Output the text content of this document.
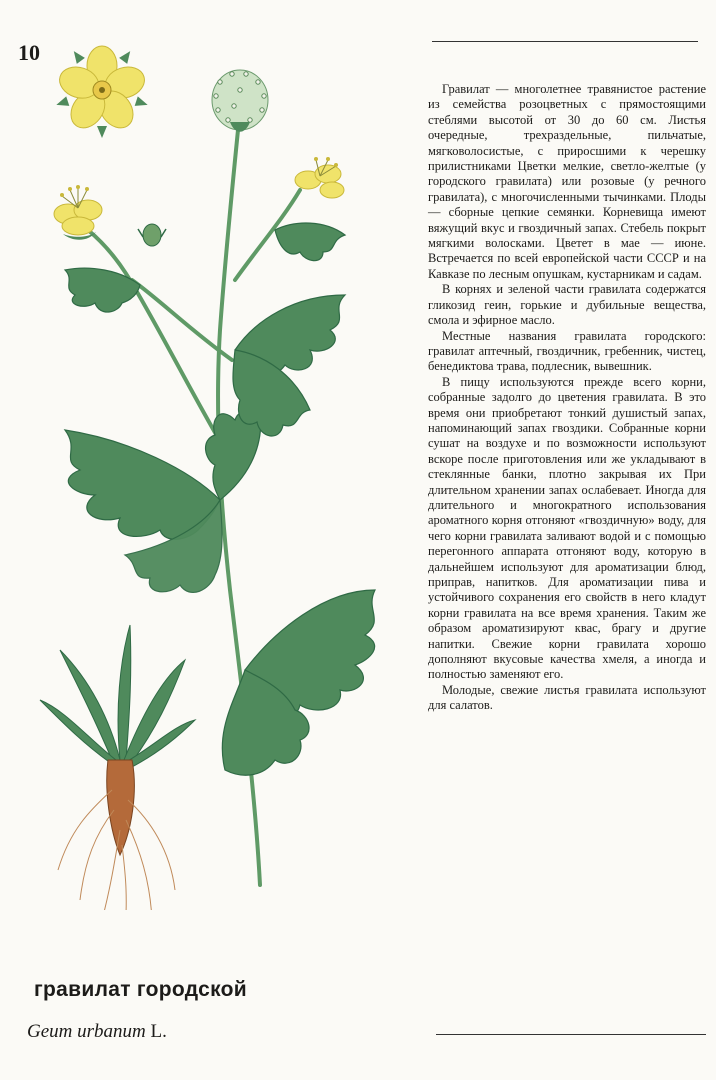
10
гравилат городской
Geum urbanum L.

Гравилат — многолетнее травянистое растение из семейства розоцветных с прямостоящими стеблями высотой от 30 до 60 см. Листья очередные, трехраздельные, пильчатые, мягковолосистые, с приросшими к черешку прилистниками Цветки мелкие, светло-желтые (у городского гравилата) или розовые (у речного гравилата), с многочисленными тычинками. Плоды — сборные цепкие семянки. Корневища имеют вяжущий вкус и гвоздичный запах. Стебель покрыт мягкими волосками. Цветет в мае — июне. Встречается по всей европейской части СССР и на Кавказе по лесным опушкам, кустарникам и садам.

В корнях и зеленой части гравилата содержатся гликозид геин, горькие и дубильные вещества, смола и эфирное масло.

Местные названия гравилата городского: гравилат аптечный, гвоздичник, гребенник, чистец, бенедиктова трава, подлесник, вывешник.

В пищу используются прежде всего корни, собранные задолго до цветения гравилата. В это время они приобретают тонкий душистый запах, напоминающий запах гвоздики. Собранные корни сушат на воздухе и по возможности используют вскоре после приготовления или же укладывают в стеклянные банки, плотно закрывая их При длительном хранении запах ослабевает. Иногда для длительного и многократного использования ароматного корня отгоняют «гвоздичную» воду, для чего корни гравилата заливают водой и с помощью перегонного аппарата отгоняют воду, которую в дальнейшем используют для ароматизации блюд, приправ, напитков. Для ароматизации пива и устойчивого сохранения его свойств в него кладут корни гравилата на все время хранения. Таким же образом ароматизируют квас, брагу и другие напитки. Свежие корни гравилата хорошо дополняют вкусовые качества хмеля, а иногда и полностью заменяют его.

Молодые, свежие листья гравилата используют для салатов.
